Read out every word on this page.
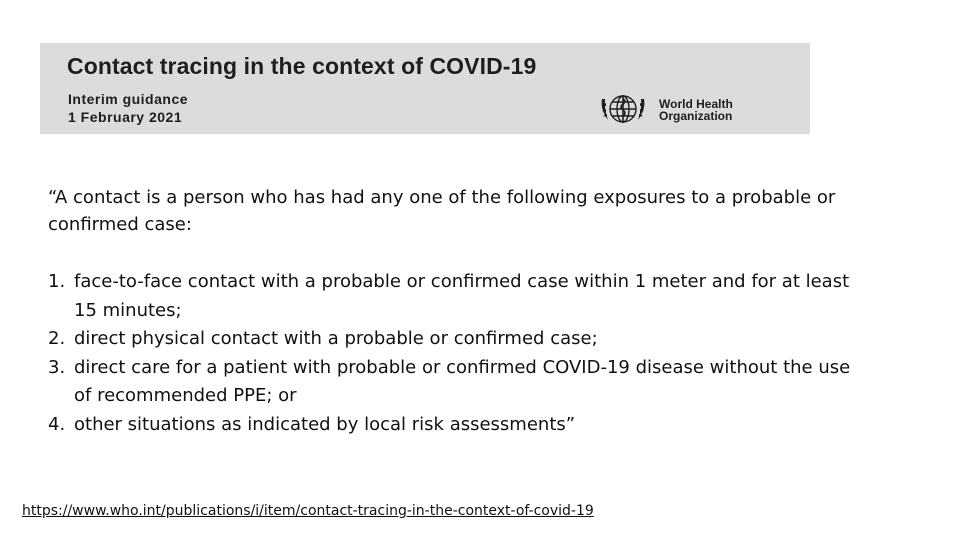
Contact tracing in the context of COVID-19
Interim guidance
1 February 2021
World Health
Organization

“A contact is a person who has had any one of the following exposures to a probable or confirmed case:

1. face-to-face contact with a probable or confirmed case within 1 meter and for at least 15 minutes;
2. direct physical contact with a probable or confirmed case;
3. direct care for a patient with probable or confirmed COVID-19 disease without the use of recommended PPE; or
4. other situations as indicated by local risk assessments”
https://www.who.int/publications/i/item/contact-tracing-in-the-context-of-covid-19
